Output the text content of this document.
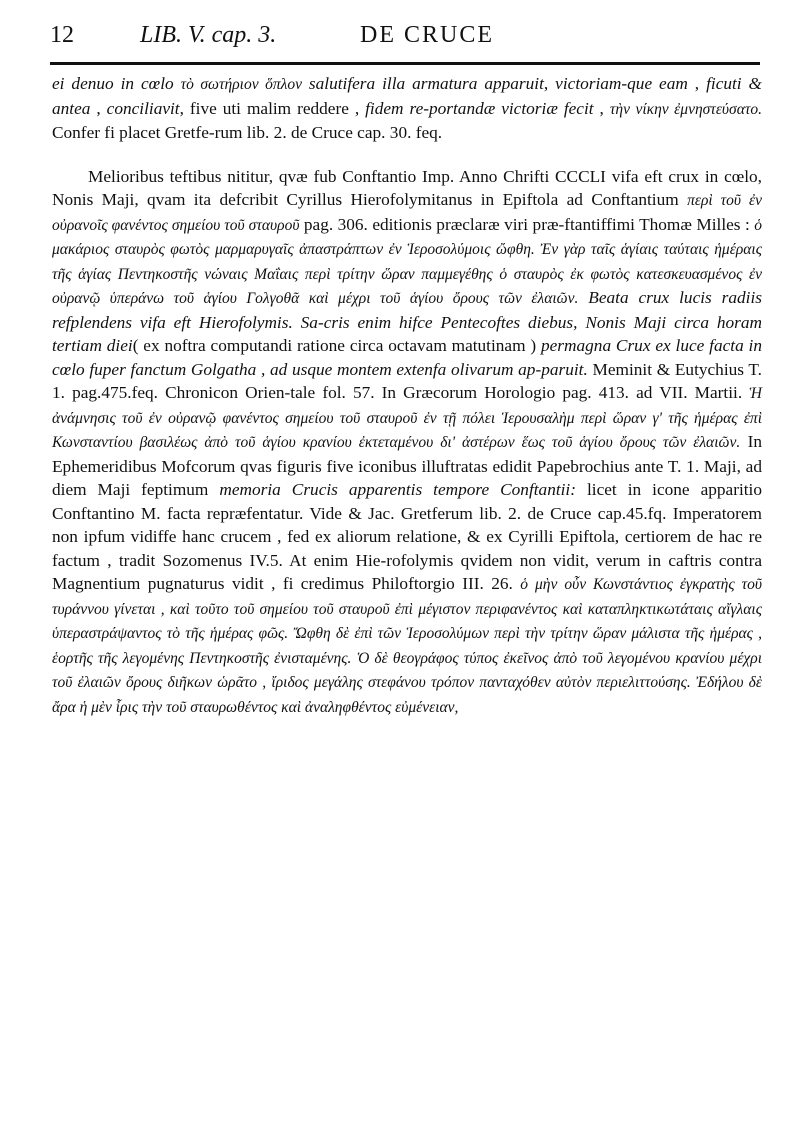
12	LIB. V. cap. 3.	DE CRUCE

ei denuo in cœlo τὸ σωτήριον ὅπλον salutifera illa armatura apparuit, victoriam-que eam , ficuti & antea , conciliavit, five uti malim reddere , fidem re-portandæ victoriæ fecit , τὴν νίκην ἐμνηστεύσατο. Confer fi placet Gretfe-rum lib. 2. de Cruce cap. 30. feq.

Melioribus teftibus nititur, qvæ fub Conftantio Imp. Anno Chrifti CCCLI vifa eft crux in cœlo, Nonis Maji, qvam ita defcribit Cyrillus Hierofolymitanus in Epiftola ad Conftantium περὶ τοῦ ἐν οὐρανοῖς φανέντος σημείου τοῦ σταυροῦ pag. 306. editionis præclaræ viri præ-ftantiffimi Thomæ Milles : ὁ μακάριος σταυρὸς φωτὸς μαρμαρυγαῖς ἀπαστράπτων ἐν Ἱεροσολύμοις ὤφθη. Ἐν γὰρ ταῖς ἁγίαις ταύταις ἡμέραις τῆς ἁγίας Πεντηκοστῆς νώναις Μαΐαις περὶ τρίτην ὥραν παμμεγέθης ὁ σταυρὸς ἐκ φωτὸς κατεσκευασμένος ἐν οὐρανῷ ὑπεράνω τοῦ ἁγίου Γολγοθᾶ καὶ μέχρι τοῦ ἁγίου ὄρους τῶν ἐλαιῶν. Beata crux lucis radiis refplendens vifa eft Hierofolymis. Sa-cris enim hifce Pentecoftes diebus, Nonis Maji circa horam tertiam diei( ex noftra computandi ratione circa octavam matutinam ) permagna Crux ex luce facta in cœlo fuper fanctum Golgatha , ad usque montem extenfa olivarum ap-paruit. Meminit & Eutychius T. 1. pag.475.feq. Chronicon Orien-tale fol. 57. In Græcorum Horologio pag. 413. ad VII. Martii. Ἡ ἀνάμνησις τοῦ ἐν οὐρανῷ φανέντος σημείου τοῦ σταυροῦ ἐν τῇ πόλει Ἱερουσαλὴμ περὶ ὥραν γ' τῆς ἡμέρας ἐπὶ Κωνσταντίου βασιλέως ἀπὸ τοῦ ἁγίου κρανίου ἐκτεταμένου δι' ἀστέρων ἕως τοῦ ἁγίου ὄρους τῶν ἐλαιῶν. In Ephemeridibus Mofcorum qvas figuris five iconibus illuftratas edidit Papebrochius ante T. 1. Maji, ad diem Maji feptimum memoria Crucis apparentis tempore Conftantii: licet in icone apparitio Conftantino M. facta repræfentatur. Vide & Jac. Gretferum lib. 2. de Cruce cap.45.fq. Imperatorem non ipfum vidiffe hanc crucem , fed ex aliorum relatione, & ex Cyrilli Epiftola, certiorem de hac re factum , tradit Sozomenus IV.5. At enim Hie-rofolymis qvidem non vidit, verum in caftris contra Magnentium pugnaturus vidit , fi credimus Philoftorgio III. 26. ὁ μὴν οὖν Κωνστάντιος ἐγκρατὴς τοῦ τυράννου γίνεται , καὶ τοῦτο τοῦ σημείου τοῦ σταυροῦ ἐπὶ μέγιστον περιφανέντος καὶ καταπληκτικωτάταις αἴγλαις ὑπεραστράψαντος τὸ τῆς ἡμέρας φῶς. Ὤφθη δὲ ἐπὶ τῶν Ἱεροσολύμων περὶ τὴν τρίτην ὥραν μάλιστα τῆς ἡμέρας , ἑορτῆς τῆς λεγομένης Πεντηκοστῆς ἐνισταμένης. Ὁ δὲ θεογράφος τύπος ἐκεῖνος ἀπὸ τοῦ λεγομένου κρανίου μέχρι τοῦ ἐλαιῶν ὄρους διῆκων ὡρᾶτο , ἴριδος μεγάλης στεφάνου τρόπον πανταχόθεν αὐτὸν περιελιττούσης. Ἐδήλου δὲ ἄρα ἡ μὲν ἶρις τὴν τοῦ σταυρωθέντος καὶ ἀναληφθέντος εὐμένειαν,
